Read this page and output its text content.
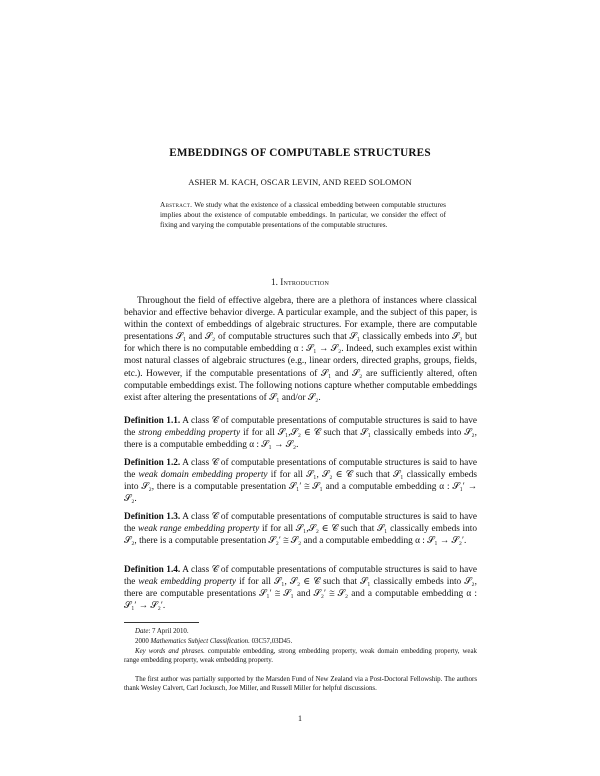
EMBEDDINGS OF COMPUTABLE STRUCTURES
ASHER M. KACH, OSCAR LEVIN, AND REED SOLOMON
Abstract. We study what the existence of a classical embedding between computable structures implies about the existence of computable embeddings. In particular, we consider the effect of fixing and varying the computable presentations of the computable structures.
1. Introduction
Throughout the field of effective algebra, there are a plethora of instances where classical behavior and effective behavior diverge. A particular example, and the subject of this paper, is within the context of embeddings of algebraic structures. For example, there are computable presentations 𝒮₁ and 𝒮₂ of computable structures such that 𝒮₁ classically embeds into 𝒮₂ but for which there is no computable embedding α : 𝒮₁ → 𝒮₂. Indeed, such examples exist within most natural classes of algebraic structures (e.g., linear orders, directed graphs, groups, fields, etc.). However, if the computable presentations of 𝒮₁ and 𝒮₂ are sufficiently altered, often computable embeddings exist. The following notions capture whether computable embeddings exist after altering the presentations of 𝒮₁ and/or 𝒮₂.
Definition 1.1. A class 𝒞 of computable presentations of computable structures is said to have the strong embedding property if for all 𝒮₁,𝒮₂ ∈ 𝒞 such that 𝒮₁ classically embeds into 𝒮₂, there is a computable embedding α : 𝒮₁ → 𝒮₂.
Definition 1.2. A class 𝒞 of computable presentations of computable structures is said to have the weak domain embedding property if for all 𝒮₁, 𝒮₂ ∈ 𝒞 such that 𝒮₁ classically embeds into 𝒮₂, there is a computable presentation 𝒮₁′ ≅ 𝒮₁ and a computable embedding α : 𝒮₁′ → 𝒮₂.
Definition 1.3. A class 𝒞 of computable presentations of computable structures is said to have the weak range embedding property if for all 𝒮₁,𝒮₂ ∈ 𝒞 such that 𝒮₁ classically embeds into 𝒮₂, there is a computable presentation 𝒮₂′ ≅ 𝒮₂ and a computable embedding α : 𝒮₁ → 𝒮₂′.
Definition 1.4. A class 𝒞 of computable presentations of computable structures is said to have the weak embedding property if for all 𝒮₁, 𝒮₂ ∈ 𝒞 such that 𝒮₁ classically embeds into 𝒮₂, there are computable presentations 𝒮₁′ ≅ 𝒮₁ and 𝒮₂′ ≅ 𝒮₂ and a computable embedding α : 𝒮₁′ → 𝒮₂′.
Date: 7 April 2010.
2000 Mathematics Subject Classification. 03C57,03D45.
Key words and phrases. computable embedding, strong embedding property, weak domain embedding property, weak range embedding property, weak embedding property.
The first author was partially supported by the Marsden Fund of New Zealand via a Post-Doctoral Fellowship. The authors thank Wesley Calvert, Carl Jockusch, Joe Miller, and Russell Miller for helpful discussions.
1
